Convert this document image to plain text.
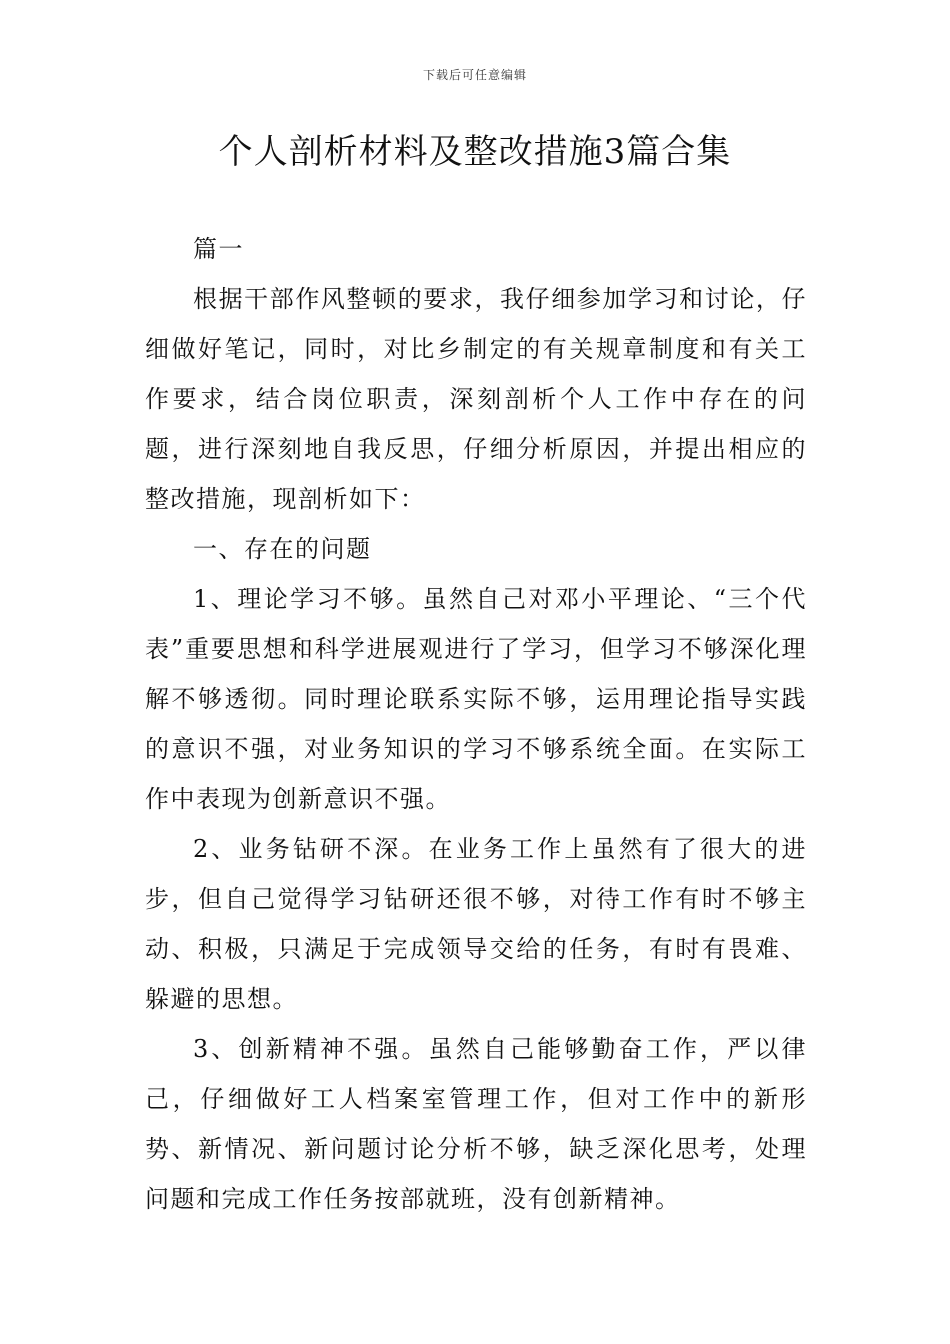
下载后可任意编辑
个人剖析材料及整改措施3篇合集

篇一

根据干部作风整顿的要求，我仔细参加学习和讨论，仔细做好笔记，同时，对比乡制定的有关规章制度和有关工作要求，结合岗位职责，深刻剖析个人工作中存在的问题，进行深刻地自我反思，仔细分析原因，并提出相应的整改措施，现剖析如下：

一、存在的问题

1、理论学习不够。虽然自己对邓小平理论、“三个代表”重要思想和科学进展观进行了学习，但学习不够深化理解不够透彻。同时理论联系实际不够，运用理论指导实践的意识不强，对业务知识的学习不够系统全面。在实际工作中表现为创新意识不强。

2、业务钻研不深。在业务工作上虽然有了很大的进步，但自己觉得学习钻研还很不够，对待工作有时不够主动、积极，只满足于完成领导交给的任务，有时有畏难、躲避的思想。

3、创新精神不强。虽然自己能够勤奋工作，严以律己，仔细做好工人档案室管理工作，但对工作中的新形势、新情况、新问题讨论分析不够，缺乏深化思考，处理问题和完成工作任务按部就班，没有创新精神。
